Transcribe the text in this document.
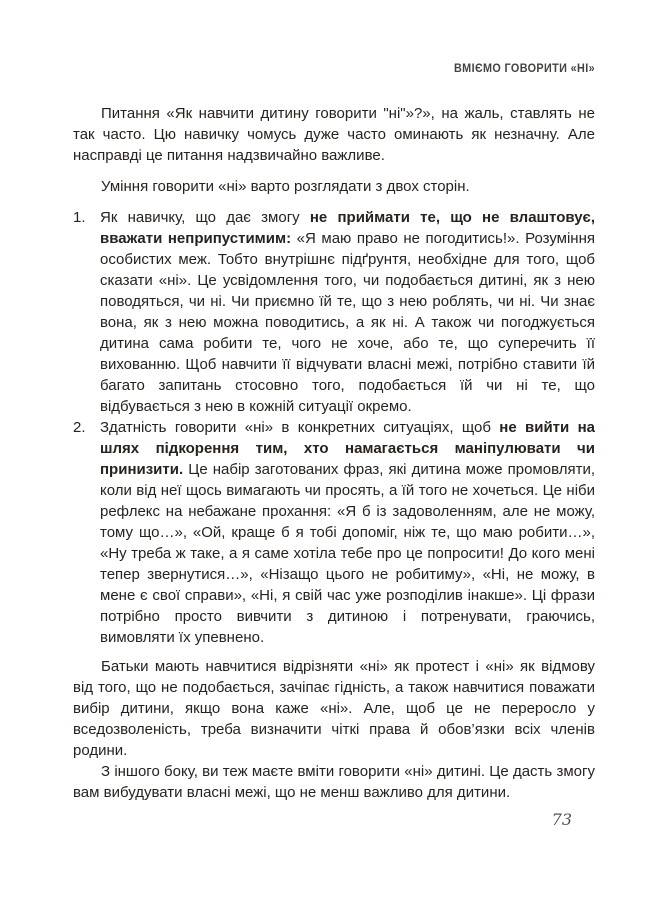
ВМІЄМО ГОВОРИТИ «НІ»

Питання «Як навчити дитину говорити "ні"»?», на жаль, ставлять не так часто. Цю навичку чомусь дуже часто оминають як незначну. Але насправді це питання надзвичайно важливе.

Уміння говорити «ні» варто розглядати з двох сторін.

1. Як навичку, що дає змогу не приймати те, що не влаштовує, вважати неприпустимим: «Я маю право не погодитись!». Розуміння особистих меж. Тобто внутрішнє підґрунтя, необхідне для того, щоб сказати «ні». Це усвідомлення того, чи подобається дитині, як з нею поводяться, чи ні. Чи приємно їй те, що з нею роблять, чи ні. Чи знає вона, як з нею можна поводитись, а як ні. А також чи погоджується дитина сама робити те, чого не хоче, або те, що суперечить її вихованню. Щоб навчити її відчувати власні межі, потрібно ставити їй багато запитань стосовно того, подобається їй чи ні те, що відбувається з нею в кожній ситуації окремо.
2. Здатність говорити «ні» в конкретних ситуаціях, щоб не вийти на шлях підкорення тим, хто намагається маніпулювати чи принизити. Це набір заготованих фраз, які дитина може промовляти, коли від неї щось вимагають чи просять, а їй того не хочеться. Це ніби рефлекс на небажане прохання: «Я б із задоволенням, але не можу, тому що…», «Ой, краще б я тобі допоміг, ніж те, що маю робити…», «Ну треба ж таке, а я саме хотіла тебе про це попросити! До кого мені тепер звернутися…», «Нізащо цього не робитиму», «Ні, не можу, в мене є свої справи», «Ні, я свій час уже розподілив інакше». Ці фрази потрібно просто вивчити з дитиною і потренувати, граючись, вимовляти їх упевнено.

Батьки мають навчитися відрізняти «ні» як протест і «ні» як відмову від того, що не подобається, зачіпає гідність, а також навчитися поважати вибір дитини, якщо вона каже «ні». Але, щоб це не переросло у вседозволеність, треба визначити чіткі права й обов’язки всіх членів родини.

З іншого боку, ви теж маєте вміти говорити «ні» дитині. Це дасть змогу вам вибудувати власні межі, що не менш важливо для дитини.

73
